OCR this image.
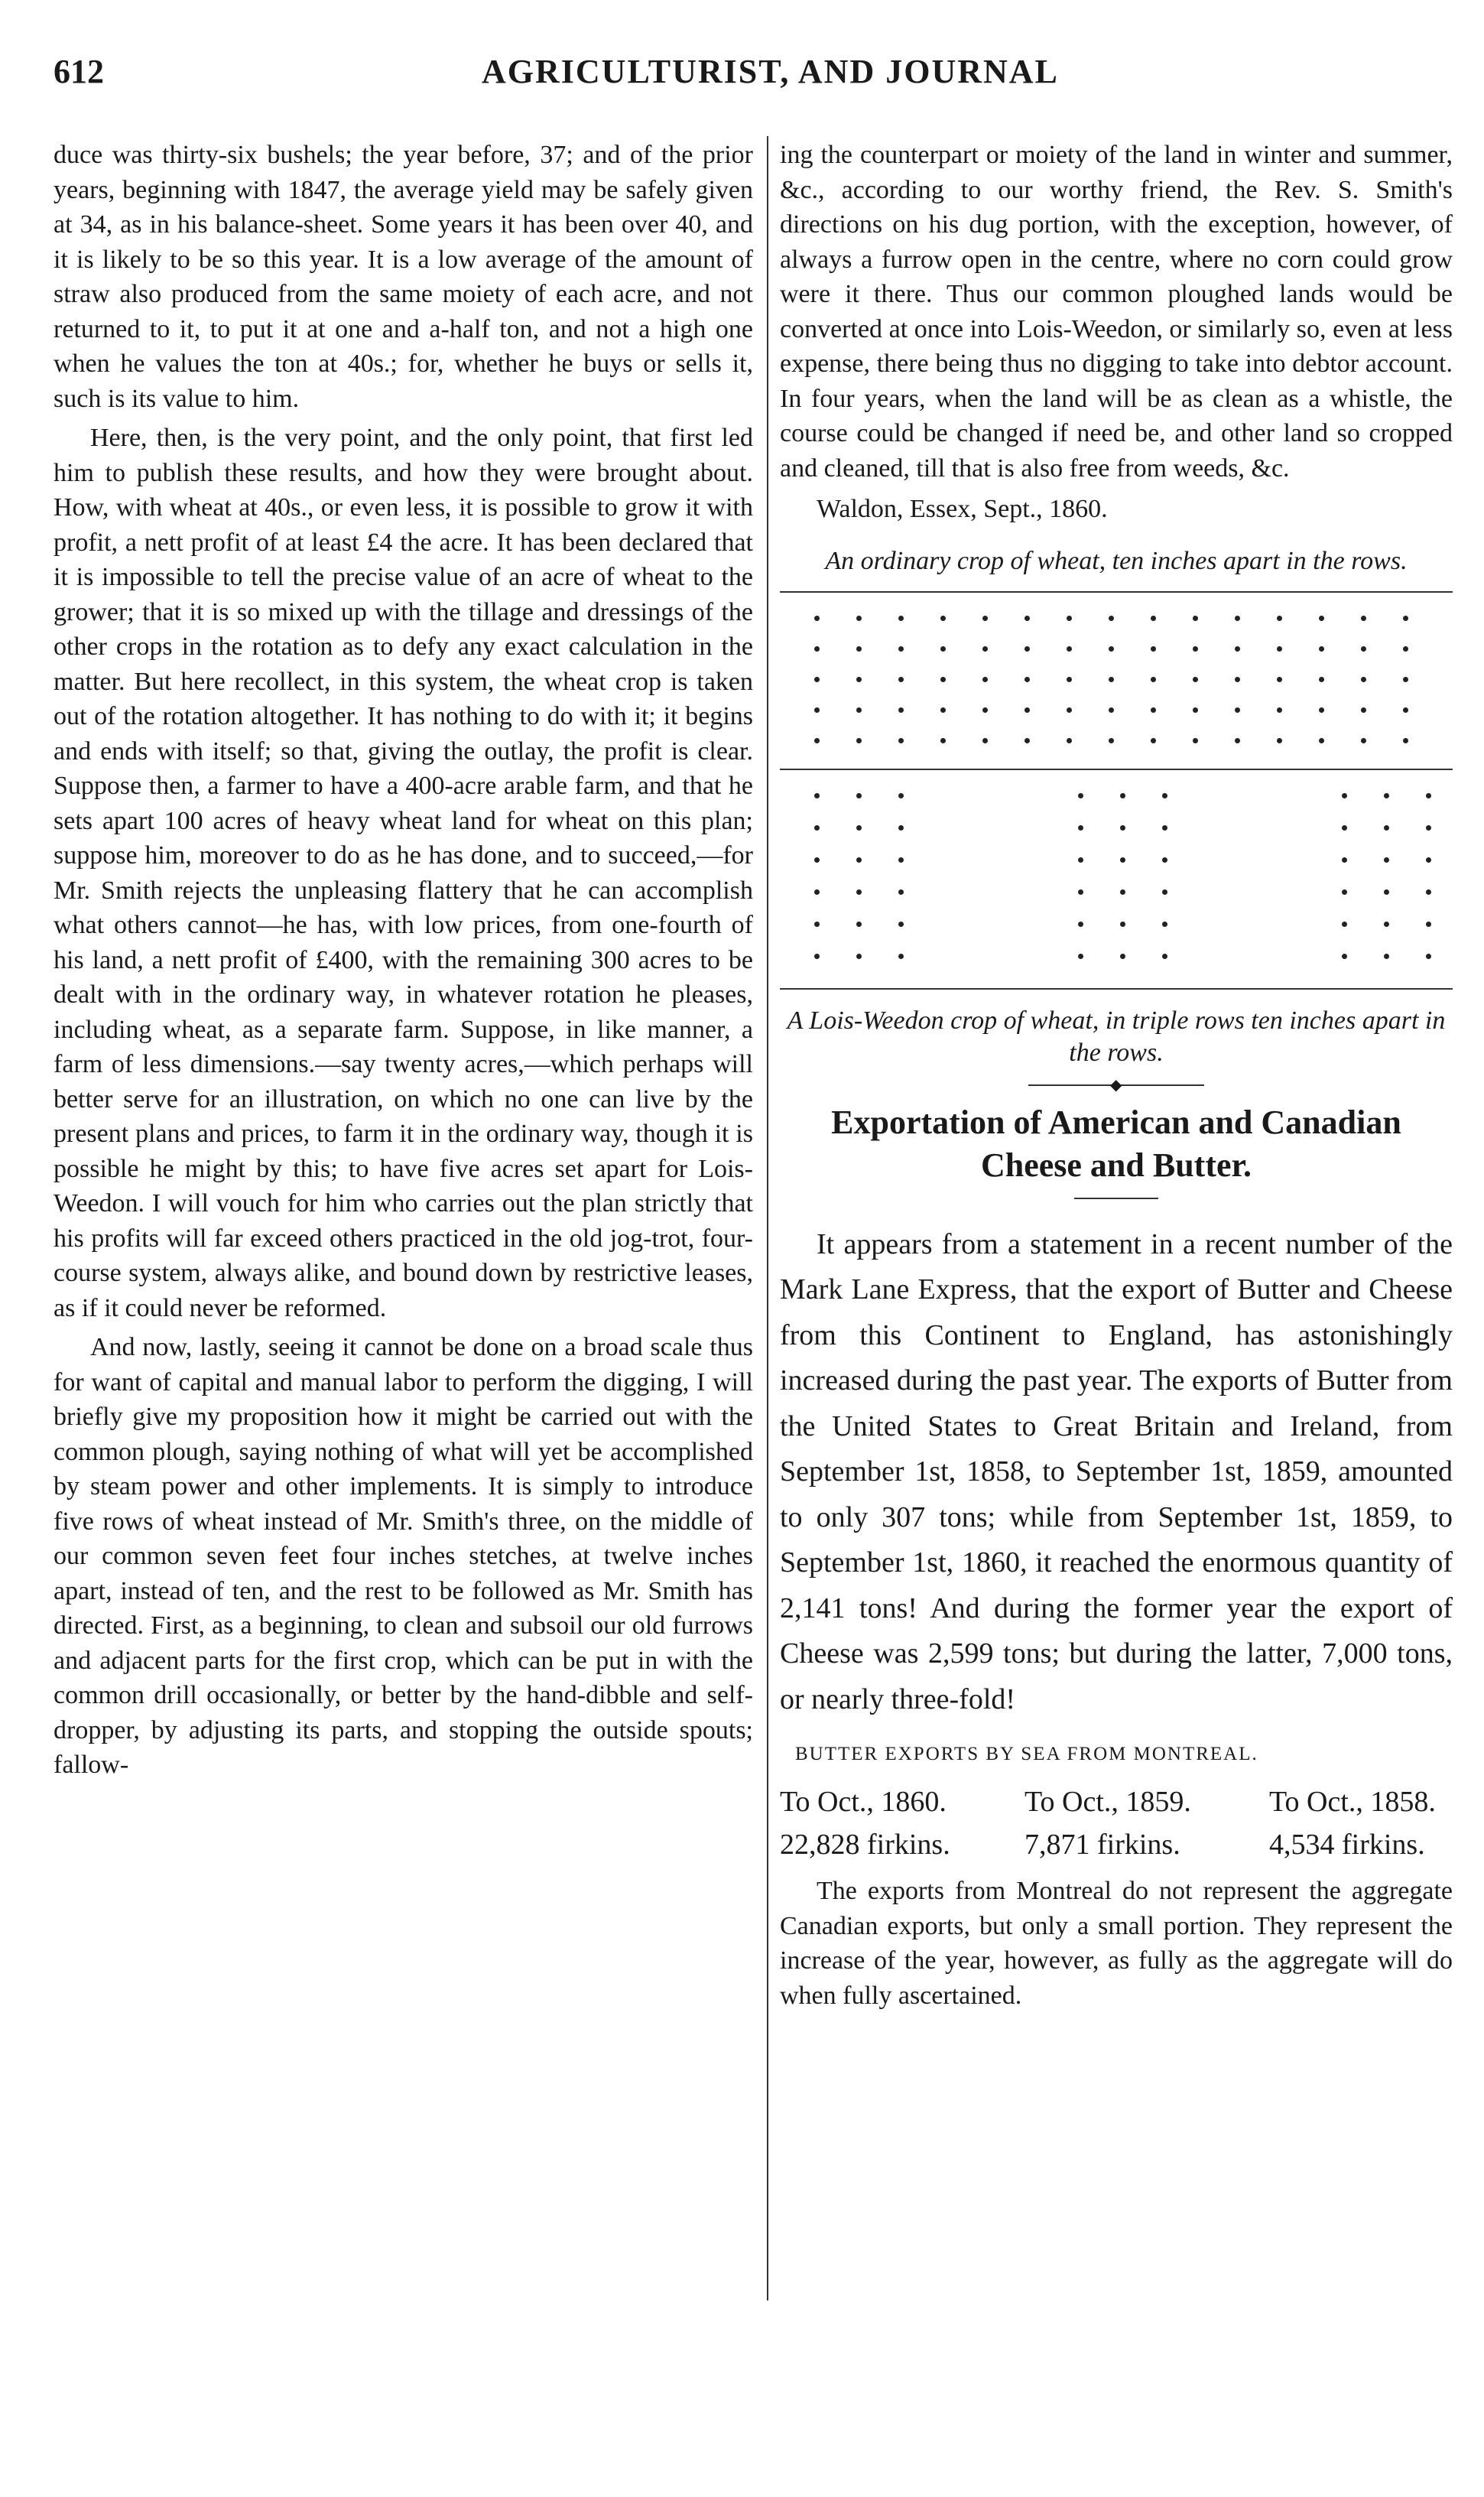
612	AGRICULTURIST, AND JOURNAL

duce was thirty-six bushels; the year before, 37; and of the prior years, beginning with 1847, the average yield may be safely given at 34, as in his balance-sheet. Some years it has been over 40, and it is likely to be so this year. It is a low average of the amount of straw also produced from the same moiety of each acre, and not returned to it, to put it at one and a-half ton, and not a high one when he values the ton at 40s.; for, whether he buys or sells it, such is its value to him.

Here, then, is the very point, and the only point, that first led him to publish these results, and how they were brought about. How, with wheat at 40s., or even less, it is possible to grow it with profit, a nett profit of at least £4 the acre. It has been declared that it is impossible to tell the precise value of an acre of wheat to the grower; that it is so mixed up with the tillage and dressings of the other crops in the rotation as to defy any exact calculation in the matter. But here recollect, in this system, the wheat crop is taken out of the rotation altogether. It has nothing to do with it; it begins and ends with itself; so that, giving the outlay, the profit is clear. Suppose then, a farmer to have a 400-acre arable farm, and that he sets apart 100 acres of heavy wheat land for wheat on this plan; suppose him, moreover to do as he has done, and to succeed,—for Mr. Smith rejects the unpleasing flattery that he can accomplish what others cannot—he has, with low prices, from one-fourth of his land, a nett profit of £400, with the remaining 300 acres to be dealt with in the ordinary way, in whatever rotation he pleases, including wheat, as a separate farm. Suppose, in like manner, a farm of less dimensions.—say twenty acres,—which perhaps will better serve for an illustration, on which no one can live by the present plans and prices, to farm it in the ordinary way, though it is possible he might by this; to have five acres set apart for Lois-Weedon. I will vouch for him who carries out the plan strictly that his profits will far exceed others practiced in the old jog-trot, four-course system, always alike, and bound down by restrictive leases, as if it could never be reformed.

And now, lastly, seeing it cannot be done on a broad scale thus for want of capital and manual labor to perform the digging, I will briefly give my proposition how it might be carried out with the common plough, saying nothing of what will yet be accomplished by steam power and other implements. It is simply to introduce five rows of wheat instead of Mr. Smith's three, on the middle of our common seven feet four inches stetches, at twelve inches apart, instead of ten, and the rest to be followed as Mr. Smith has directed. First, as a beginning, to clean and subsoil our old furrows and adjacent parts for the first crop, which can be put in with the common drill occasionally, or better by the hand-dibble and self-dropper, by adjusting its parts, and stopping the outside spouts; fallow-

ing the counterpart or moiety of the land in winter and summer, &c., according to our worthy friend, the Rev. S. Smith's directions on his dug portion, with the exception, however, of always a furrow open in the centre, where no corn could grow were it there. Thus our common ploughed lands would be converted at once into Lois-Weedon, or similarly so, even at less expense, there being thus no digging to take into debtor account. In four years, when the land will be as clean as a whistle, the course could be changed if need be, and other land so cropped and cleaned, till that is also free from weeds, &c.

Waldon, Essex, Sept., 1860.

An ordinary crop of wheat, ten inches apart in the rows.
A Lois-Weedon crop of wheat, in triple rows ten inches apart in the rows.
◆
Exportation of American and Canadian Cheese and Butter.

It appears from a statement in a recent number of the Mark Lane Express, that the export of Butter and Cheese from this Continent to England, has astonishingly increased during the past year. The exports of Butter from the United States to Great Britain and Ireland, from September 1st, 1858, to September 1st, 1859, amounted to only 307 tons; while from September 1st, 1859, to September 1st, 1860, it reached the enormous quantity of 2,141 tons! And during the former year the export of Cheese was 2,599 tons; but during the latter, 7,000 tons, or nearly three-fold!

BUTTER EXPORTS BY SEA FROM MONTREAL.
To Oct., 1860.	To Oct., 1859.	To Oct., 1858.
22,828 firkins.	7,871 firkins.	4,534 firkins.

The exports from Montreal do not represent the aggregate Canadian exports, but only a small portion. They represent the increase of the year, however, as fully as the aggregate will do when fully ascertained.
